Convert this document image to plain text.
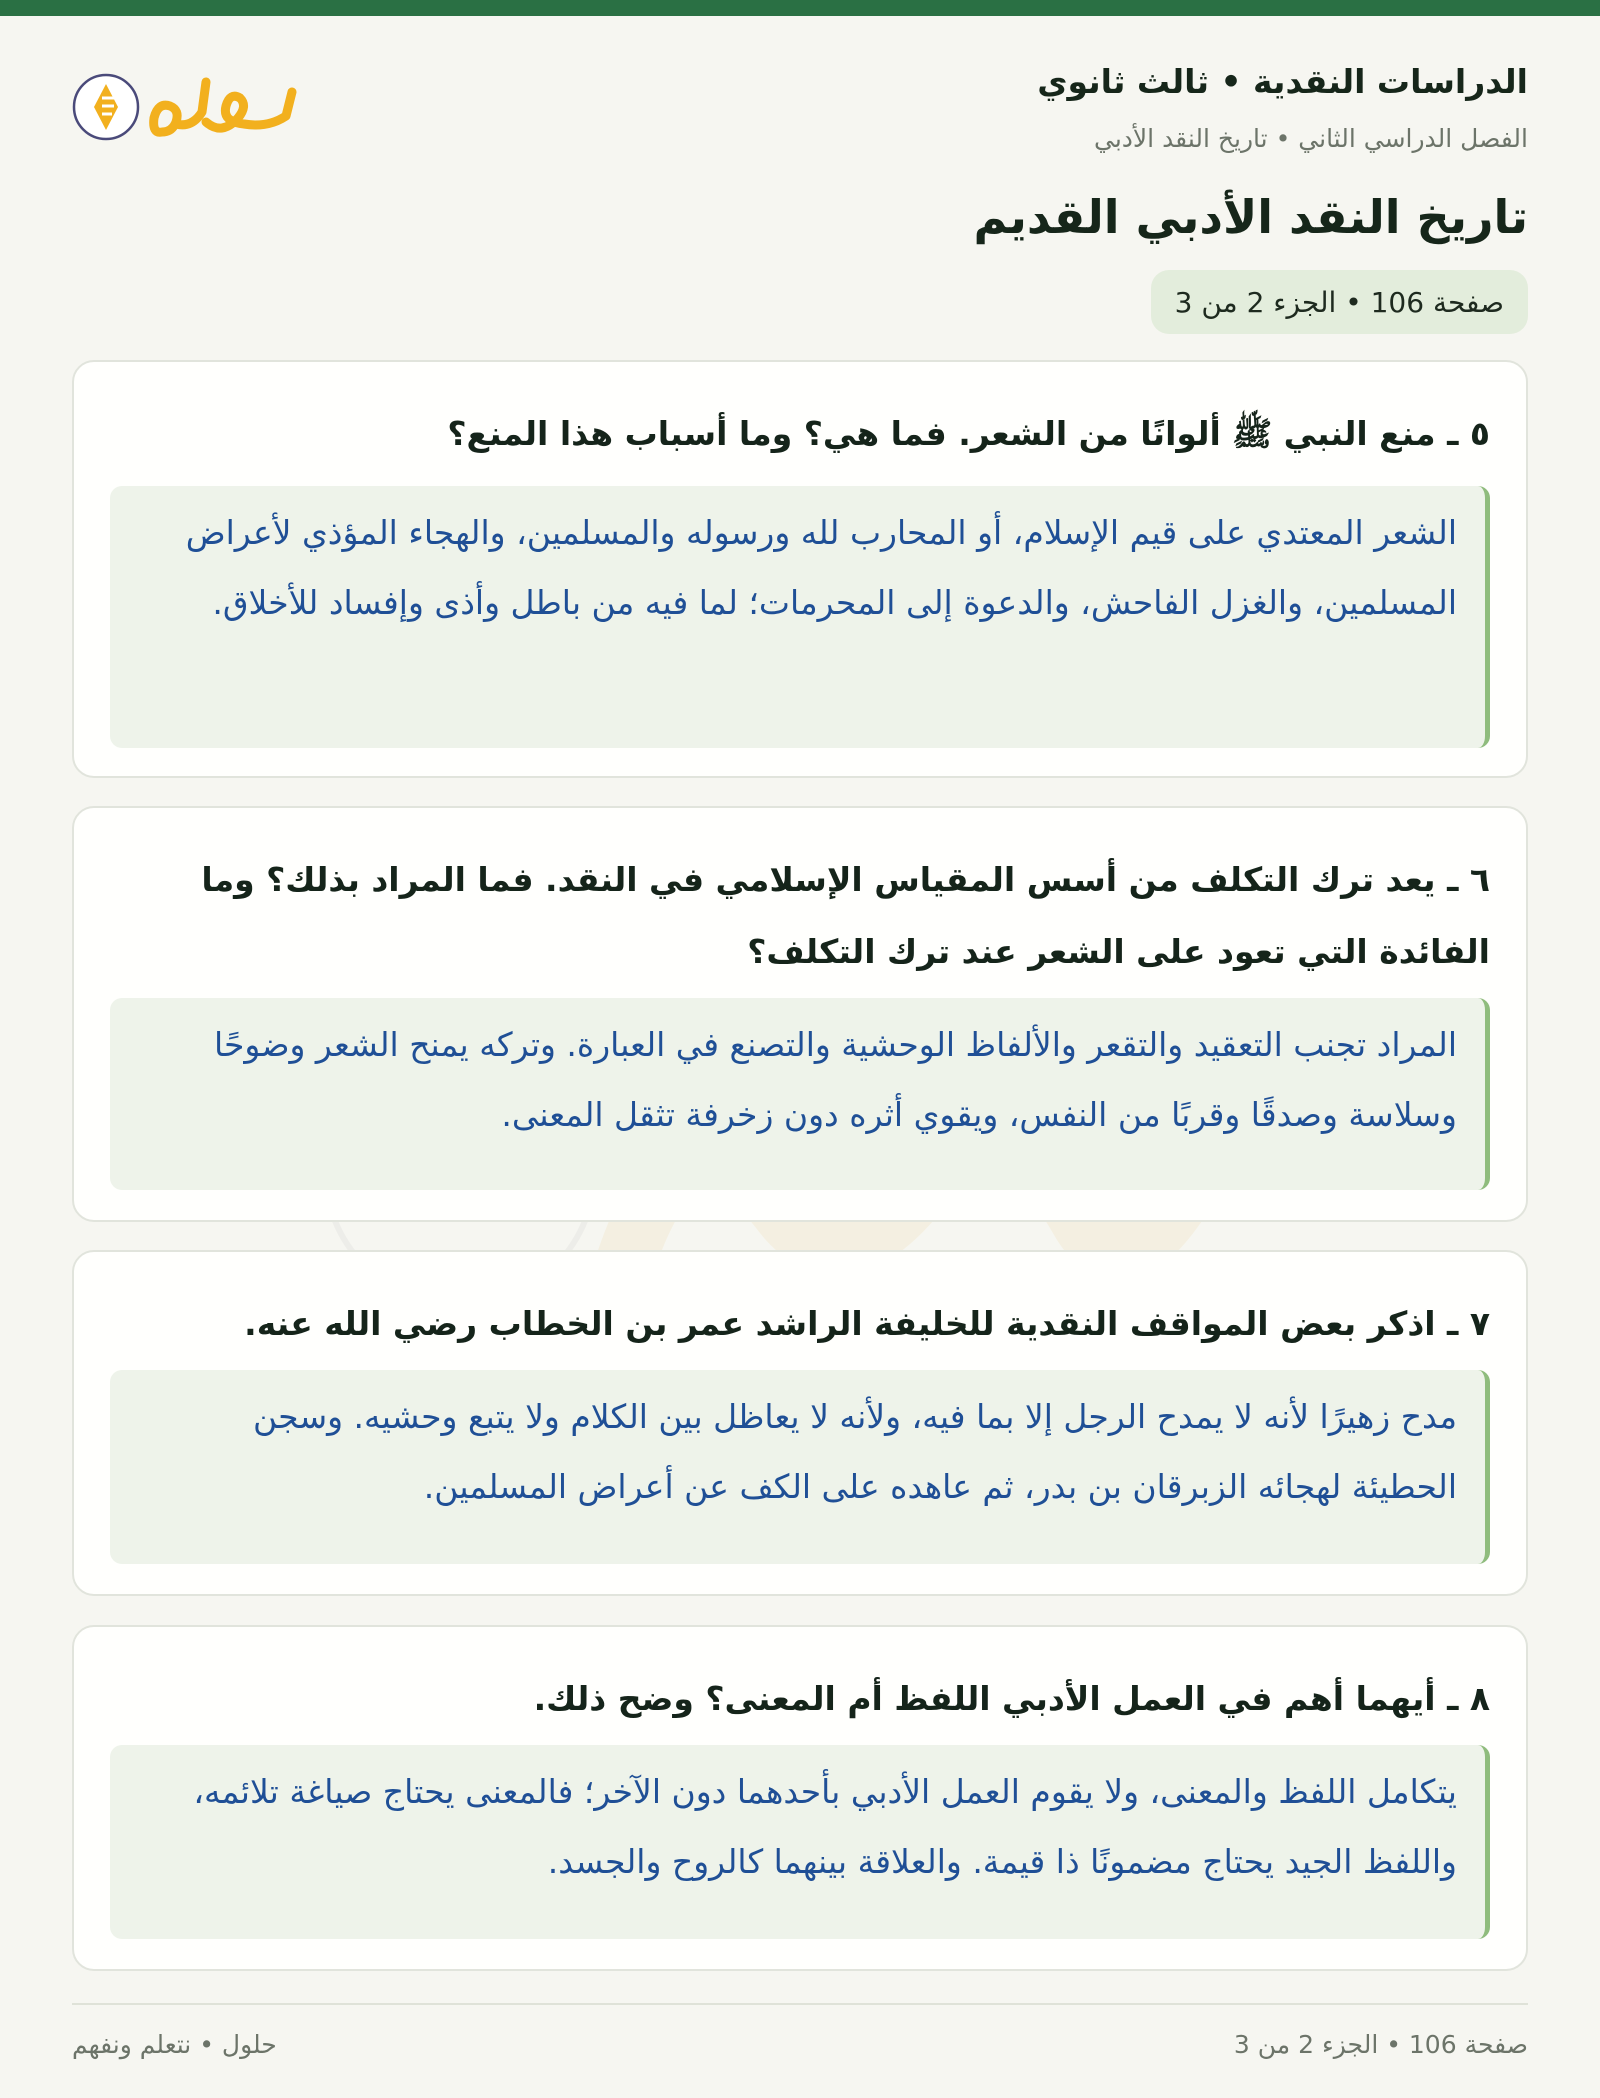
الدراسات النقدية • ثالث ثانوي
الفصل الدراسي الثاني • تاريخ النقد الأدبي
تاريخ النقد الأدبي القديم
صفحة 106 • الجزء 2 من 3
٥ ـ منع النبي ﷺ ألوانًا من الشعر. فما هي؟ وما أسباب هذا المنع؟
الشعر المعتدي على قيم الإسلام، أو المحارب لله ورسوله والمسلمين، والهجاء المؤذي لأعراض المسلمين، والغزل الفاحش، والدعوة إلى المحرمات؛ لما فيه من باطل وأذى وإفساد للأخلاق.
٦ ـ يعد ترك التكلف من أسس المقياس الإسلامي في النقد. فما المراد بذلك؟ وما الفائدة التي تعود على الشعر عند ترك التكلف؟
المراد تجنب التعقيد والتقعر والألفاظ الوحشية والتصنع في العبارة. وتركه يمنح الشعر وضوحًا وسلاسة وصدقًا وقربًا من النفس، ويقوي أثره دون زخرفة تثقل المعنى.
٧ ـ اذكر بعض المواقف النقدية للخليفة الراشد عمر بن الخطاب رضي الله عنه.
مدح زهيرًا لأنه لا يمدح الرجل إلا بما فيه، ولأنه لا يعاظل بين الكلام ولا يتبع وحشيه. وسجن الحطيئة لهجائه الزبرقان بن بدر، ثم عاهده على الكف عن أعراض المسلمين.
٨ ـ أيهما أهم في العمل الأدبي اللفظ أم المعنى؟ وضح ذلك.
يتكامل اللفظ والمعنى، ولا يقوم العمل الأدبي بأحدهما دون الآخر؛ فالمعنى يحتاج صياغة تلائمه، واللفظ الجيد يحتاج مضمونًا ذا قيمة. والعلاقة بينهما كالروح والجسد.
صفحة 106 • الجزء 2 من 3
حلول • نتعلم ونفهم
